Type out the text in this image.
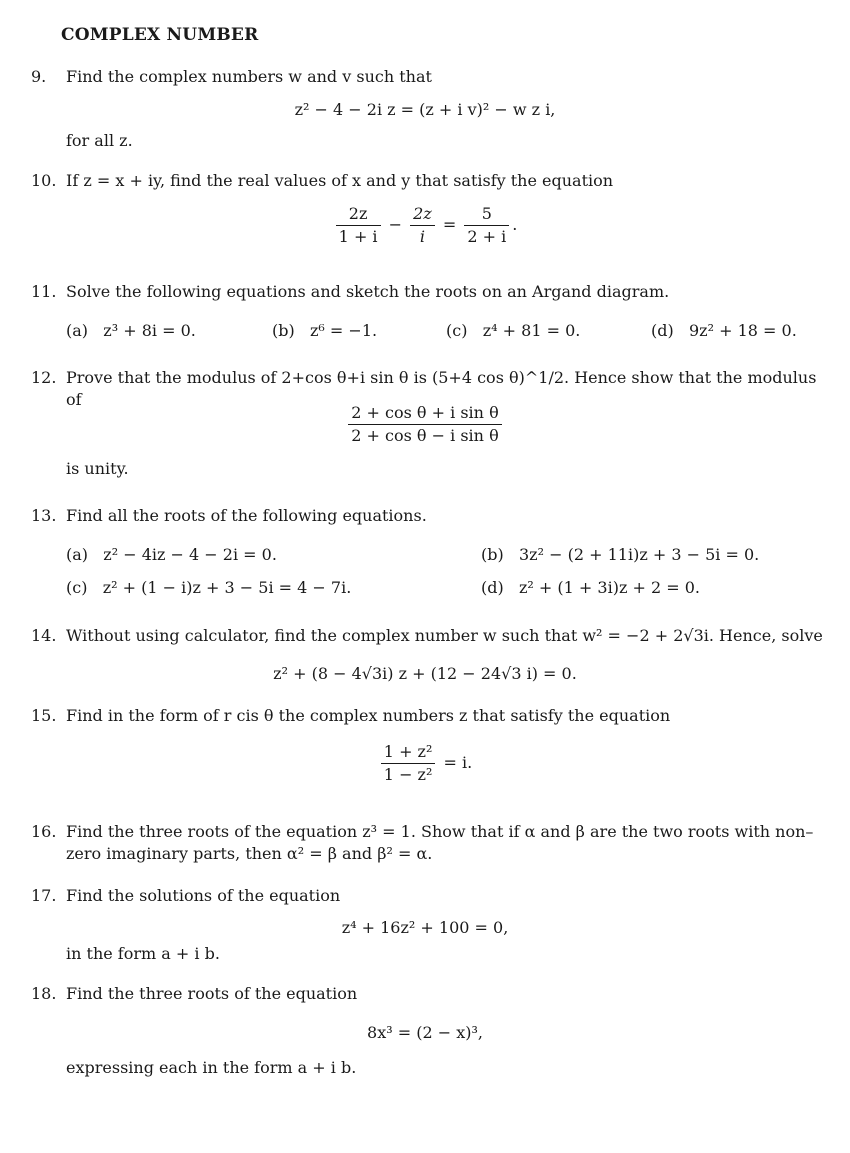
COMPLEX NUMBER
9. Find the complex numbers w and v such that
z² − 4 − 2i z = (z + i v)² − w z i,
for all z.
10. If z = x + iy, find the real values of x and y that satisfy the equation
$\frac{2z}{1 + i} - \frac{2z}{i} = \frac{5}{2 + i}$ .
11. Solve the following equations and sketch the roots on an Argand diagram.
(a) z³ + 8i = 0.	(b) z⁶ = −1.	(c) z⁴ + 81 = 0.	(d) 9z² + 18 = 0.
12. Prove that the modulus of 2+cos θ+i sin θ is (5+4 cos θ)^1/2. Hence show that the modulus of
$\frac{\text{2 + cos θ + i sin θ}}{\text{2 + cos θ − i sin θ}}$
is unity.
13. Find all the roots of the following equations.
(a) z² − 4iz − 4 − 2i = 0.	(b) 3z² − (2 + 11i)z + 3 − 5i = 0.
(c) z² + (1 − i)z + 3 − 5i = 4 − 7i.	(d) z² + (1 + 3i)z + 2 = 0.
14. Without using calculator, find the complex number w such that w² = −2 + 2√3i. Hence, solve
z² + (8 − 4√3i) z + (12 − 24√3 i) = 0.
15. Find in the form of r cis θ the complex numbers z that satisfy the equation
$\frac{\text{1 + z²}}{\text{1 − z²}} = i$.
16. Find the three roots of the equation z³ = 1. Show that if α and β are the two roots with non–zero imaginary parts, then α² = β and β² = α.
17. Find the solutions of the equation
z⁴ + 16z² + 100 = 0,
in the form a + i b.
18. Find the three roots of the equation
8x³ = (2 − x)³,
expressing each in the form a + i b.
